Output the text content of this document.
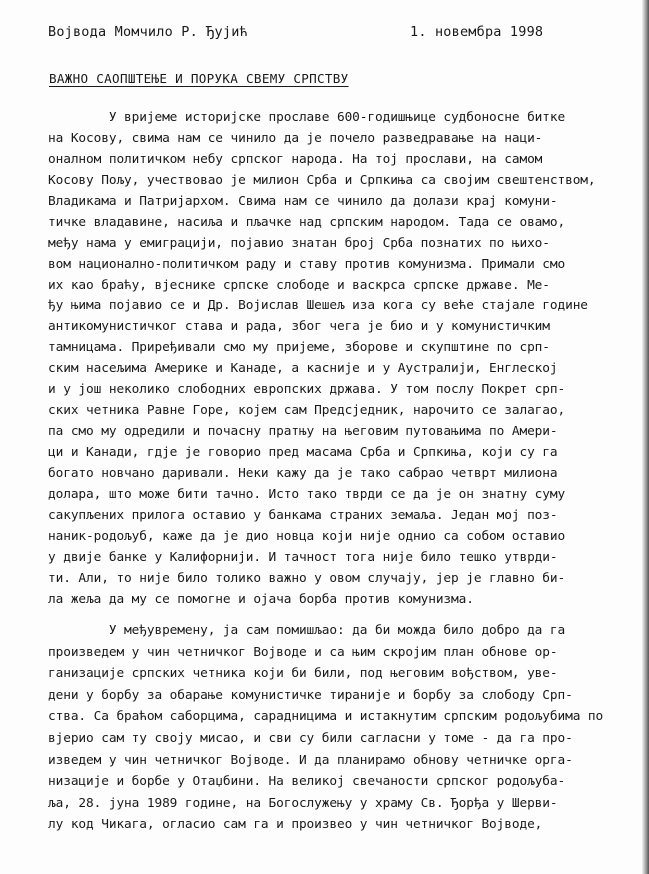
Војвода Момчило Р. Ђујић	1. новембра 1998
ВАЖНО САОПШТЕЊЕ И ПОРУКА СВЕМУ СРПСТВУ
У вријеме историјске прославе 600-годишњице судбоносне битке
на Косову, свима нам се чинило да је почело разведравање на наци-
оналном политичком небу српског народа. На тој прослави, на самом
Косову Пољу, учествовао је милион Срба и Српкиња са својим свештенством,
Владикама и Патријархом. Свима нам се чинило да долази крај комуни-
тичке владавине, насиља и пљачке над српским народом. Тада се овамо,
међу нама у емиграцији, појавио знатан број Срба познатих по њихо-
вом национално-политичком раду и ставу против комунизма. Примали смо
их као браћу, вјеснике српске слободе и васкрса српске државе. Ме-
ђу њима појавио се и Др. Војислав Шешељ иза кога су веће стајале године
антикомунистичког става и рада, због чега је био и у комунистичким
тамницама. Приређивали смо му пријеме, зборове и скупштине по срп-
ским насељима Америке и Канаде, а касније и у Аустралији, Енглеској
и у још неколико слободних европских држава. У том послу Покрет срп-
ских четника Равне Горе, којем сам Предсједник, нарочито се залагао,
па смо му одредили и почасну пратњу на његовим путовањима по Амери-
ци и Канади, гдје је говорио пред масама Срба и Српкиња, који су га
богато новчано даривали. Неки кажу да је тако сабрао четврт милиона
долара, што може бити тачно. Исто тако тврди се да је он знатну суму
сакупљених прилога оставио у банкама страних земаља. Један мој поз-
наник-родољуб, каже да је дио новца који није однио са собом оставио
у двије банке у Калифорнији. И тачност тога није било тешко утврди-
ти. Али, то није било толико важно у овом случају, јер је главно би-
ла жеља да му се помогне и ојача борба против комунизма.
У међувремену, ја сам помишљао: да би можда било добро да га
произведем у чин четничког Војводе и са њим скројим план обнове ор-
ганизације српских четника који би били, под његовим вођством, уве-
дени у борбу за обарање комунистичке тираније и борбу за слободу Срп-
ства. Са браћом саборцима, сарадницима и истакнутим српским родољубима по
вјерио сам ту своју мисао, и сви су били сагласни у томе - да га про-
изведем у чин четничког Војводе. И да планирамо обнову четничке орга-
низације и борбе у Отаџбини. На великој свечаности српског родољуба-
ља, 28. јуна 1989 године, на Богослужењу у храму Св. Ђорђа у Шерви-
лу код Чикага, огласио сам га и произвео у чин четничког Војводе,
